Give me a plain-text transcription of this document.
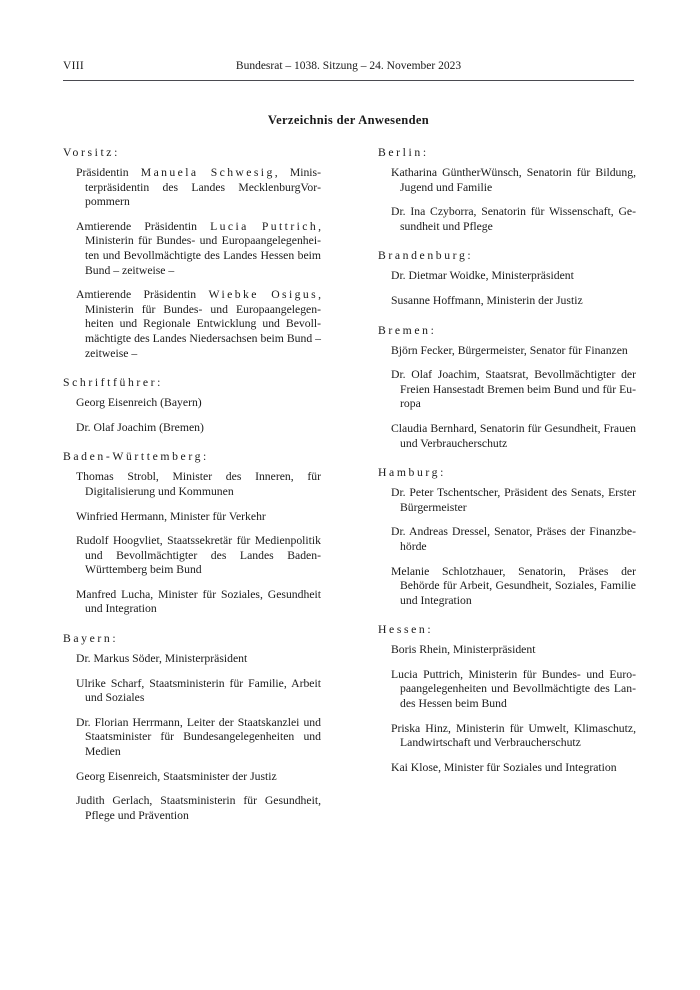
VIII	Bundesrat – 1038. Sitzung – 24. November 2023
Verzeichnis der Anwesenden
Vorsitz:

Präsidentin Manuela Schwesig, Ministerpräsidentin des Landes MecklenburgVorpommern

Amtierende Präsidentin Lucia Puttrich, Ministerin für Bundes- und Europaangelegenheiten und Bevollmächtigte des Landes Hessen beim Bund – zeitweise –

Amtierende Präsidentin Wiebke Osigus, Ministerin für Bundes- und Europaangelegenheiten und Regionale Entwicklung und Bevollmächtigte des Landes Niedersachsen beim Bund – zeitweise –

Schriftführer:

Georg Eisenreich (Bayern)

Dr. Olaf Joachim (Bremen)

Baden-Württemberg:

Thomas Strobl, Minister des Inneren, für Digitalisierung und Kommunen

Winfried Hermann, Minister für Verkehr

Rudolf Hoogvliet, Staatssekretär für Medienpolitik und Bevollmächtigter des Landes BadenWürttemberg beim Bund

Manfred Lucha, Minister für Soziales, Gesundheit und Integration

Bayern:

Dr. Markus Söder, Ministerpräsident

Ulrike Scharf, Staatsministerin für Familie, Arbeit und Soziales

Dr. Florian Herrmann, Leiter der Staatskanzlei und Staatsminister für Bundesangelegenheiten und Medien

Georg Eisenreich, Staatsminister der Justiz

Judith Gerlach, Staatsministerin für Gesundheit, Pflege und Prävention

Berlin:

Katharina GüntherWünsch, Senatorin für Bildung, Jugend und Familie

Dr. Ina Czyborra, Senatorin für Wissenschaft, Gesundheit und Pflege

Brandenburg:

Dr. Dietmar Woidke, Ministerpräsident

Susanne Hoffmann, Ministerin der Justiz

Bremen:

Björn Fecker, Bürgermeister, Senator für Finanzen

Dr. Olaf Joachim, Staatsrat, Bevollmächtigter der Freien Hansestadt Bremen beim Bund und für Europa

Claudia Bernhard, Senatorin für Gesundheit, Frauen und Verbraucherschutz

Hamburg:

Dr. Peter Tschentscher, Präsident des Senats, Erster Bürgermeister

Dr. Andreas Dressel, Senator, Präses der Finanzbehörde

Melanie Schlotzhauer, Senatorin, Präses der Behörde für Arbeit, Gesundheit, Soziales, Familie und Integration

Hessen:

Boris Rhein, Ministerpräsident

Lucia Puttrich, Ministerin für Bundes- und Europaangelegenheiten und Bevollmächtigte des Landes Hessen beim Bund

Priska Hinz, Ministerin für Umwelt, Klimaschutz, Landwirtschaft und Verbraucherschutz

Kai Klose, Minister für Soziales und Integration
